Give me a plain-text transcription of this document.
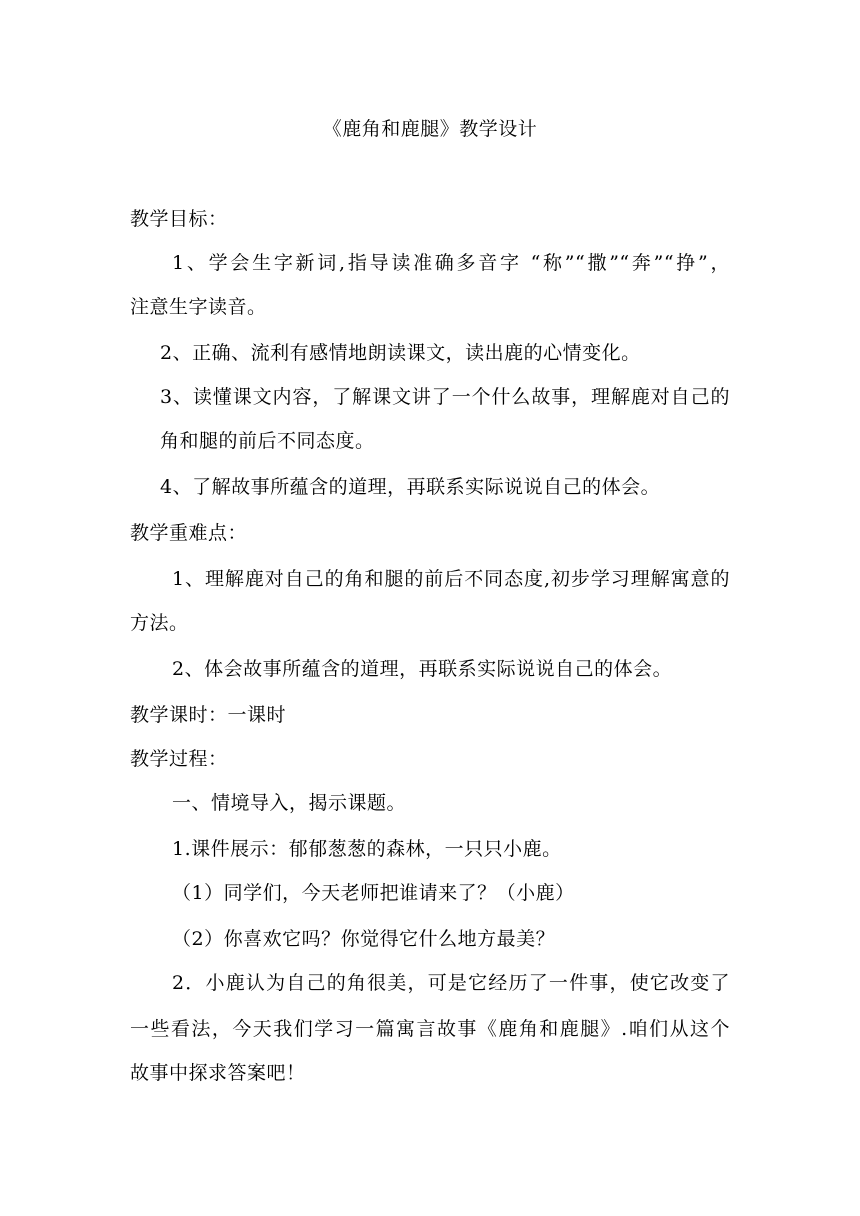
《鹿角和鹿腿》教学设计
教学目标：
1、学会生字新词,指导读准确多音字 “称”“撒”“奔”“挣”，
注意生字读音。
2、正确、流利有感情地朗读课文，读出鹿的心情变化。
3、读懂课文内容，了解课文讲了一个什么故事，理解鹿对自己的
角和腿的前后不同态度。
4、了解故事所蕴含的道理，再联系实际说说自己的体会。
教学重难点：
1、理解鹿对自己的角和腿的前后不同态度,初步学习理解寓意的
方法。
2、体会故事所蕴含的道理，再联系实际说说自己的体会。
教学课时：一课时
教学过程：
一、情境导入，揭示课题。
1.课件展示：郁郁葱葱的森林，一只只小鹿。
（1）同学们，今天老师把谁请来了？（小鹿）
（2）你喜欢它吗？你觉得它什么地方最美？
2．小鹿认为自己的角很美，可是它经历了一件事，使它改变了
一些看法，今天我们学习一篇寓言故事《鹿角和鹿腿》.咱们从这个
故事中探求答案吧！
